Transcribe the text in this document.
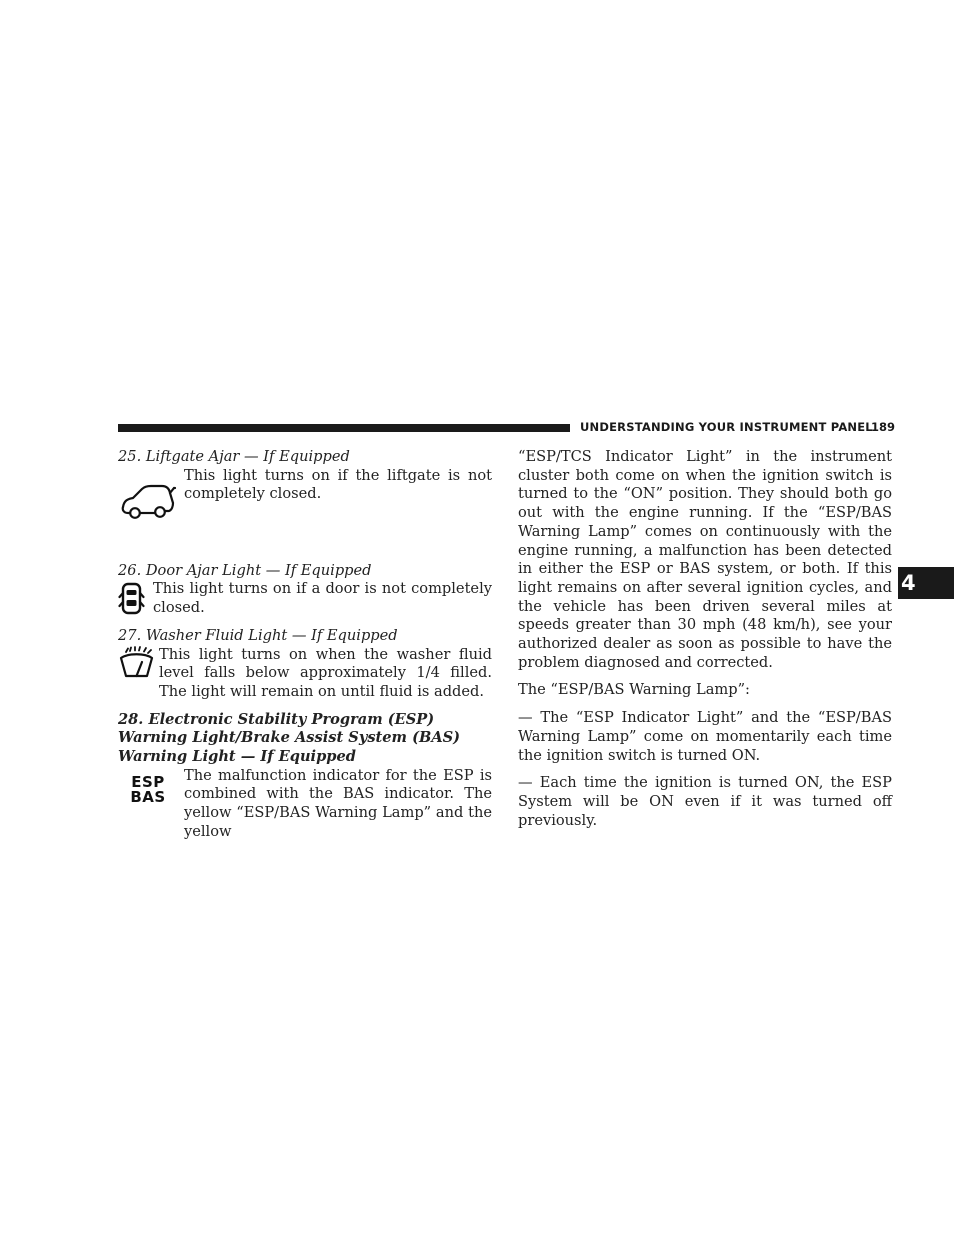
UNDERSTANDING YOUR INSTRUMENT PANEL
189
4
25. Liftgate Ajar — If Equipped

This light turns on if the liftgate is not completely closed.

26. Door Ajar Light — If Equipped

This light turns on if a door is not completely closed.

27. Washer Fluid Light — If Equipped

This light turns on when the washer fluid level falls below approximately 1/4 filled. The light will remain on until fluid is added.

28. Electronic Stability Program (ESP) Warning Light/Brake Assist System (BAS) Warning Light — If Equipped
ESP
BAS

The malfunction indicator for the ESP is combined with the BAS indicator. The yellow “ESP/BAS Warning Lamp” and the yellow

“ESP/TCS Indicator Light” in the instrument cluster both come on when the ignition switch is turned to the “ON” position. They should both go out with the engine running. If the “ESP/BAS Warning Lamp” comes on continuously with the engine running, a malfunction has been detected in either the ESP or BAS system, or both. If this light remains on after several ignition cycles, and the vehicle has been driven several miles at speeds greater than 30 mph (48 km/h), see your authorized dealer as soon as possible to have the problem diagnosed and corrected.

The “ESP/BAS Warning Lamp”:

— The “ESP Indicator Light” and the “ESP/BAS Warning Lamp” come on momentarily each time the ignition switch is turned ON.

— Each time the ignition is turned ON, the ESP System will be ON even if it was turned off previously.
